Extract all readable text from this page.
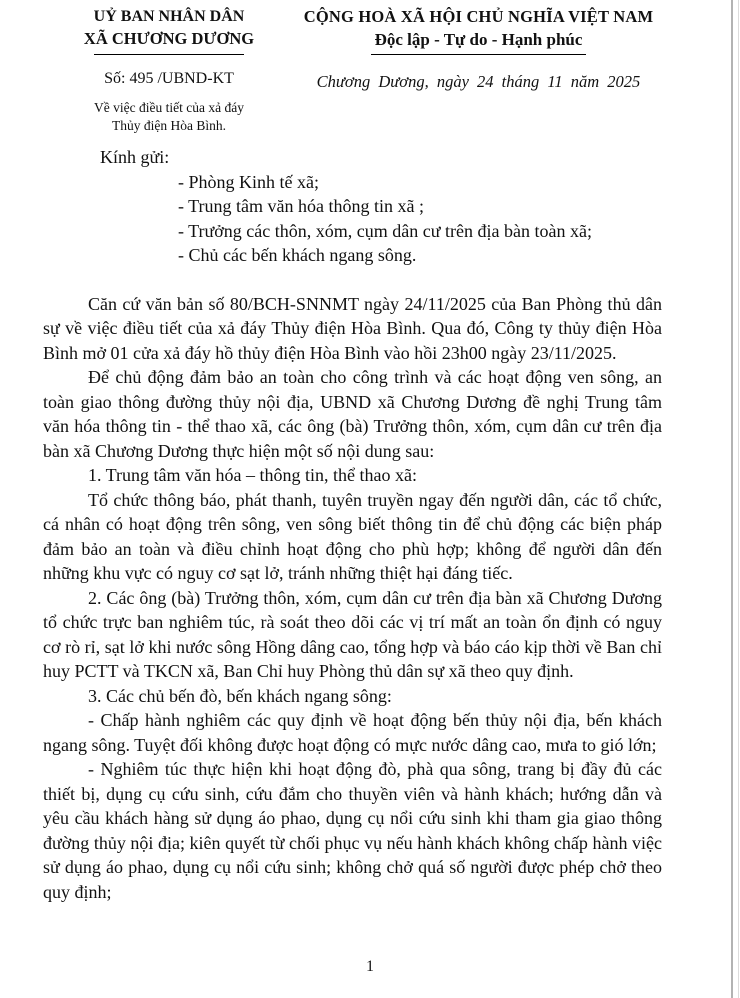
UỶ BAN NHÂN DÂN
XÃ CHƯƠNG DƯƠNG
Số: 495 /UBND-KT
Về việc điều tiết của xả đáy
Thủy điện Hòa Bình.
CỘNG HOÀ XÃ HỘI CHỦ NGHĨA VIỆT NAM
Độc lập - Tự do - Hạnh phúc
Chương Dương, ngày 24 tháng 11 năm 2025
Kính gửi:
- Phòng Kinh tế xã;
- Trung tâm văn hóa thông tin xã ;
- Trưởng các thôn, xóm, cụm dân cư trên địa bàn toàn xã;
- Chủ các bến khách ngang sông.

Căn cứ văn bản số 80/BCH-SNNMT ngày 24/11/2025 của Ban Phòng thủ dân sự về việc điều tiết của xả đáy Thủy điện Hòa Bình. Qua đó, Công ty thủy điện Hòa Bình mở 01 cửa xả đáy hồ thủy điện Hòa Bình vào hồi 23h00 ngày 23/11/2025.

Để chủ động đảm bảo an toàn cho công trình và các hoạt động ven sông, an toàn giao thông đường thủy nội địa, UBND xã Chương Dương đề nghị Trung tâm văn hóa thông tin - thể thao xã, các ông (bà) Trưởng thôn, xóm, cụm dân cư trên địa bàn xã Chương Dương thực hiện một số nội dung sau:

1. Trung tâm văn hóa – thông tin, thể thao xã:

Tổ chức thông báo, phát thanh, tuyên truyền ngay đến người dân, các tổ chức, cá nhân có hoạt động trên sông, ven sông biết thông tin để chủ động các biện pháp đảm bảo an toàn và điều chỉnh hoạt động cho phù hợp; không để người dân đến những khu vực có nguy cơ sạt lở, tránh những thiệt hại đáng tiếc.

2. Các ông (bà) Trưởng thôn, xóm, cụm dân cư trên địa bàn xã Chương Dương tổ chức trực ban nghiêm túc, rà soát theo dõi các vị trí mất an toàn ổn định có nguy cơ rò rỉ, sạt lở khi nước sông Hồng dâng cao, tổng hợp và báo cáo kịp thời về Ban chỉ huy PCTT và TKCN xã, Ban Chỉ huy Phòng thủ dân sự xã theo quy định.

3. Các chủ bến đò, bến khách ngang sông:

- Chấp hành nghiêm các quy định về hoạt động bến thủy nội địa, bến khách ngang sông. Tuyệt đối không được hoạt động có mực nước dâng cao, mưa to gió lớn;

- Nghiêm túc thực hiện khi hoạt động đò, phà qua sông, trang bị đầy đủ các thiết bị, dụng cụ cứu sinh, cứu đắm cho thuyền viên và hành khách; hướng dẫn và yêu cầu khách hàng sử dụng áo phao, dụng cụ nổi cứu sinh khi tham gia giao thông đường thủy nội địa; kiên quyết từ chối phục vụ nếu hành khách không chấp hành việc sử dụng áo phao, dụng cụ nổi cứu sinh; không chở quá số người được phép chở theo quy định;

1
